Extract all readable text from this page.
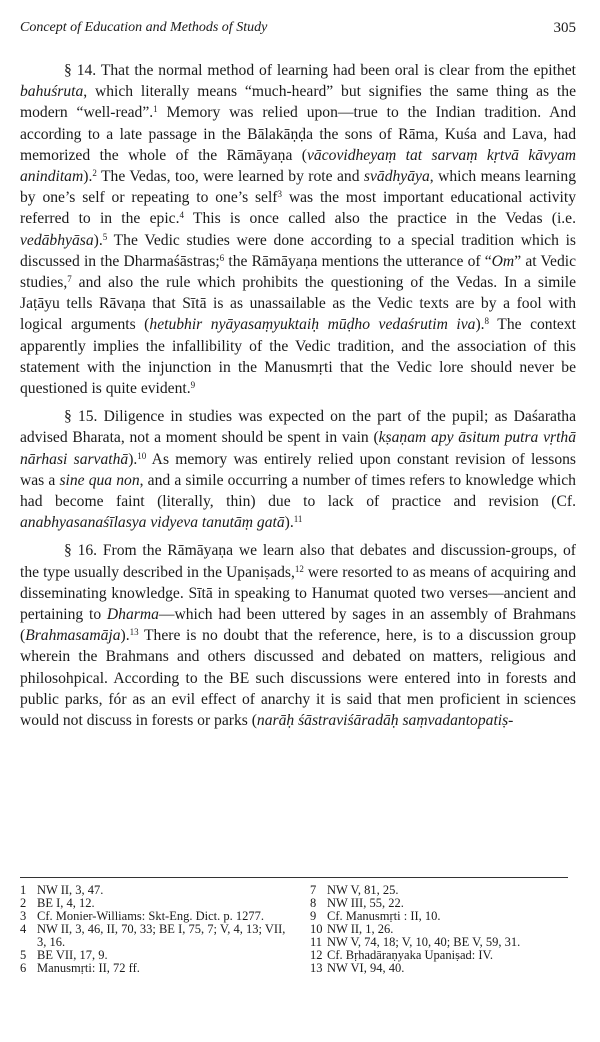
Concept of Education and Methods of Study	305

§ 14. That the normal method of learning had been oral is clear from the epithet bahuśruta, which literally means “much-heard” but signifies the same thing as the modern “well-read”.$^1$ Memory was relied upon—true to the Indian tradition. And according to a late passage in the Bālakāṇḍa the sons of Rāma, Kuśa and Lava, had memorized the whole of the Rāmāyaṇa (vācovidheyaṃ tat sarvaṃ kṛtvā kāvyam aninditam).$^2$ The Vedas, too, were learned by rote and svādhyāya, which means learning by one’s self or repeating to one’s self$^3$ was the most important educational activity referred to in the epic.$^4$ This is once called also the practice in the Vedas (i.e. vedābhyāsa).$^5$ The Vedic studies were done according to a special tradition which is discussed in the Dharmaśāstras;$^6$ the Rāmāyaṇa mentions the utterance of “Om” at Vedic studies,$^7$ and also the rule which prohibits the questioning of the Vedas. In a simile Jaṭāyu tells Rāvaṇa that Sītā is as unassailable as the Vedic texts are by a fool with logical arguments (hetubhir nyāyasaṃyuktaiḥ mūḍho vedaśrutim iva).$^8$ The context apparently implies the infallibility of the Vedic tradition, and the association of this statement with the injunction in the Manusmṛti that the Vedic lore should never be questioned is quite evident.$^9$

§ 15. Diligence in studies was expected on the part of the pupil; as Daśaratha advised Bharata, not a moment should be spent in vain (kṣaṇam apy āsitum putra vṛthā nārhasi sarvathā).$^{10}$ As memory was entirely relied upon constant revision of lessons was a sine qua non, and a simile occurring a number of times refers to knowledge which had become faint (literally, thin) due to lack of practice and revision (Cf. anabhyasanaśīlasya vidyeva tanutāṃ gatā).$^{11}$

§ 16. From the Rāmāyaṇa we learn also that debates and discussion-groups, of the type usually described in the Upaniṣads,$^{12}$ were resorted to as means of acquiring and disseminating knowledge. Sītā in speaking to Hanumat quoted two verses—ancient and pertaining to Dharma—which had been uttered by sages in an assembly of Brahmans (Brahmasamāja).$^{13}$ There is no doubt that the reference, here, is to a discussion group wherein the Brahmans and others discussed and debated on matters, religious and philosohpical. According to the BE such discussions were entered into in forests and public parks, fór as an evil effect of anarchy it is said that men proficient in sciences would not discuss in forests or parks (narāḥ śāstraviśāradāḥ saṃvadantopatiṣ-

1 NW II, 3, 47.
2 BE I, 4, 12.
3 Cf. Monier-Williams: Skt-Eng. Dict. p. 1277.
4 NW II, 3, 46, II, 70, 33; BE I, 75, 7; V, 4, 13; VII, 3, 16.
5 BE VII, 17, 9.
6 Manusmṛti: II, 72 ff.
7 NW V, 81, 25.
8 NW III, 55, 22.
9 Cf. Manusmṛti : II, 10.
10 NW II, 1, 26.
11 NW V, 74, 18; V, 10, 40; BE V, 59, 31.
12 Cf. Bṛhadāraṇyaka Upaniṣad: IV.
13 NW VI, 94, 40.
